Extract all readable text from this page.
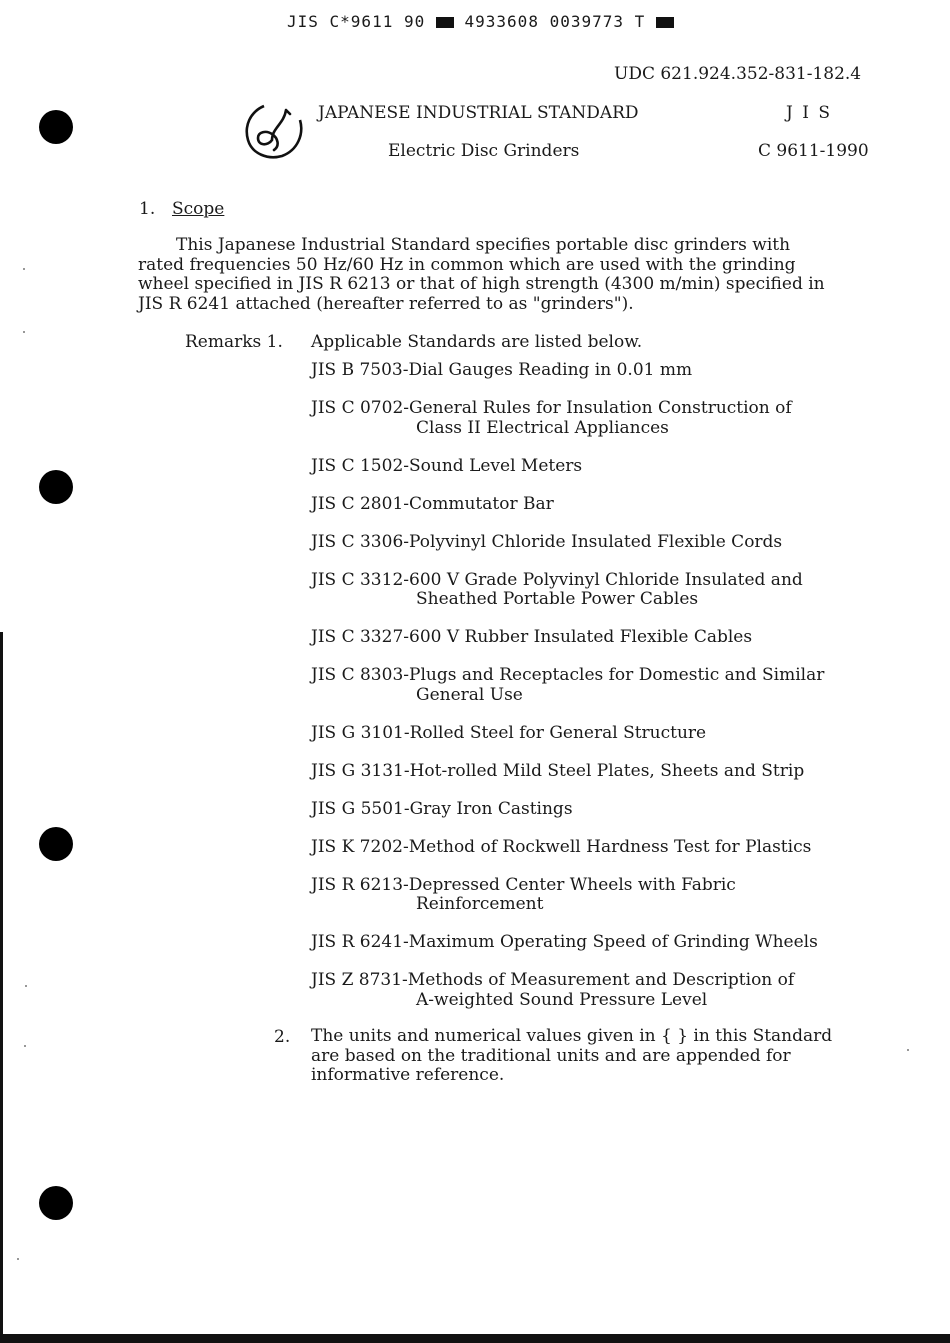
JIS C*9611 90 4933608 0039773 T
UDC 621.924.352-831-182.4
JAPANESE INDUSTRIAL STANDARD	J I S
Electric Disc Grinders	C 9611-1990
1. Scope
This Japanese Industrial Standard specifies portable disc grinders with
rated frequencies 50 Hz/60 Hz in common which are used with the grinding
wheel specified in JIS R 6213 or that of high strength (4300 m/min) specified in
JIS R 6241 attached (hereafter referred to as "grinders").
Remarks 1. Applicable Standards are listed below.
JIS B 7503-Dial Gauges Reading in 0.01 mm
JIS C 0702-General Rules for Insulation Construction of
Class II Electrical Appliances
JIS C 1502-Sound Level Meters
JIS C 2801-Commutator Bar
JIS C 3306-Polyvinyl Chloride Insulated Flexible Cords
JIS C 3312-600 V Grade Polyvinyl Chloride Insulated and
Sheathed Portable Power Cables
JIS C 3327-600 V Rubber Insulated Flexible Cables
JIS C 8303-Plugs and Receptacles for Domestic and Similar
General Use
JIS G 3101-Rolled Steel for General Structure
JIS G 3131-Hot-rolled Mild Steel Plates, Sheets and Strip
JIS G 5501-Gray Iron Castings
JIS K 7202-Method of Rockwell Hardness Test for Plastics
JIS R 6213-Depressed Center Wheels with Fabric
Reinforcement
JIS R 6241-Maximum Operating Speed of Grinding Wheels
JIS Z 8731-Methods of Measurement and Description of
A-weighted Sound Pressure Level
2. The units and numerical values given in { } in this Standard
are based on the traditional units and are appended for
informative reference.
